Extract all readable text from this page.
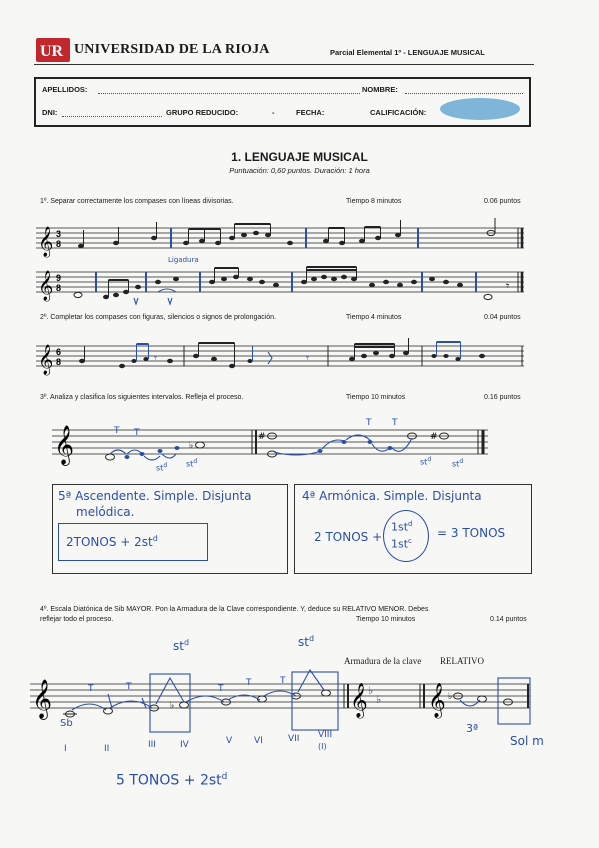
UR UNIVERSIDAD DE LA RIOJA	Parcial Elemental 1º - LENGUAJE MUSICAL
APELLIDOS:	NOMBRE:
DNI:	GRUPO REDUCIDO:	-	FECHA:	CALIFICACIÓN:
1. LENGUAJE MUSICAL
Puntuación: 0,60 puntos. Duración: 1 hora
1º. Separar correctamente los compases con líneas divisorias.	Tiempo 8 minutos	0.06 puntos
𝄞 3
8
𝄞 9
8	𝄾
Ligadura
2º. Completar los compases con figuras, silencios o signos de prolongación.	Tiempo 4 minutos	0.04 puntos
𝄞 6
8	𝄾	𝄾
3º. Analiza y clasifica los siguientes intervalos. Refleja el proceso.	Tiempo 10 minutos	0.16 puntos
𝄞	♭
#	#
T T
T T
$st^d$ $st^d$	$st^d$
$st^d$
5ª Ascendente. Simple. Disjunta
melódica.
2TONOS + $2st^d$
4ª Armónica. Simple. Disjunta
2 TONOS +
$1st^d$
$1st^c$
= 3 TONOS
4º. Escala Diatónica de Sib MAYOR. Pon la Armadura de la Clave correspondiente. Y, deduce su RELATIVO MENOR. Debes
reflejar todo el proceso.	Tiempo 10 minutos	0.14 puntos
$st^d$	$st^d$
Armadura de la clave RELATIVO
𝄞	♭	𝄞 ♭
♭ 𝄞 ♭
T	T	T
T	T
Sb
I	II	III	IV	V VI	VII VIII
(I)
3ª
Sol m
5 TONOS + $2st^d$
